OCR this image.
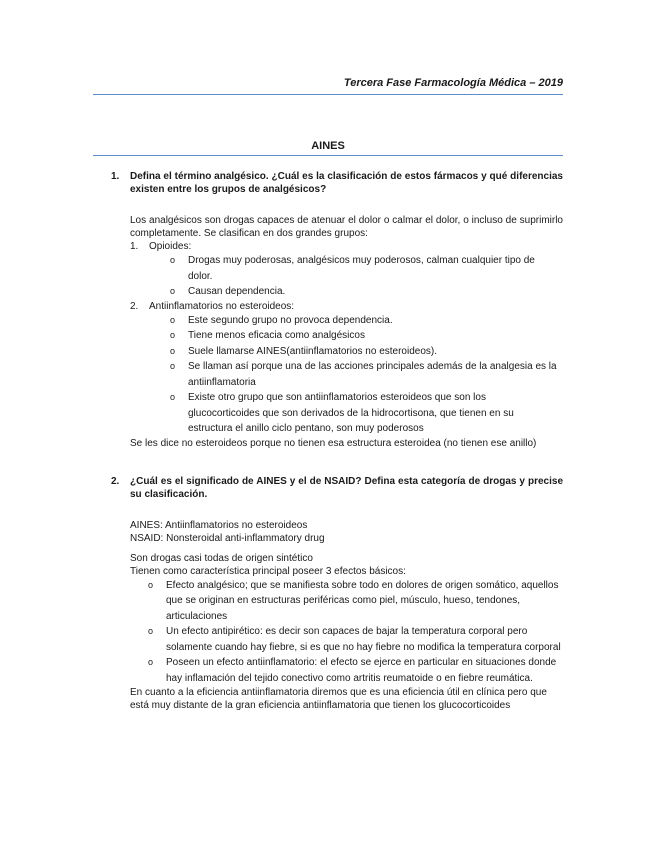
Tercera Fase Farmacología Médica – 2019
AINES
1.	Defina el término analgésico. ¿Cuál es la clasificación de estos fármacos y qué diferencias existen entre los grupos de analgésicos?
Los analgésicos son drogas capaces de atenuar el dolor o calmar el dolor, o incluso de suprimirlo completamente. Se clasifican en dos grandes grupos:
1.	Opioides:
o	Drogas muy poderosas, analgésicos muy poderosos, calman cualquier tipo de dolor.
o	Causan dependencia.
2.	Antiinflamatorios no esteroideos:
o	Este segundo grupo no provoca dependencia.
o	Tiene menos eficacia como analgésicos
o	Suele llamarse AINES(antiinflamatorios no esteroideos).
o	Se llaman así porque una de las acciones principales además de la analgesia es la antiinflamatoria
o	Existe otro grupo que son antiinflamatorios esteroideos que son los glucocorticoides que son derivados de la hidrocortisona, que tienen en su estructura el anillo ciclo pentano, son muy poderosos
Se les dice no esteroideos porque no tienen esa estructura esteroidea (no tienen ese anillo)
2.	¿Cuál es el significado de AINES y el de NSAID? Defina esta categoría de drogas y precise su clasificación.
AINES: Antiinflamatorios no esteroideos
NSAID: Nonsteroidal anti-inflammatory drug
Son drogas casi todas de origen sintético
Tienen como característica principal poseer 3 efectos básicos:
o	Efecto analgésico; que se manifiesta sobre todo en dolores de origen somático, aquellos que se originan en estructuras periféricas como piel, músculo, hueso, tendones, articulaciones
o	Un efecto antipirético: es decir son capaces de bajar la temperatura corporal pero solamente cuando hay fiebre, si es que no hay fiebre no modifica la temperatura corporal
o	Poseen un efecto antiinflamatorio: el efecto se ejerce en particular en situaciones donde hay inflamación del tejido conectivo como artritis reumatoide o en fiebre reumática.
En cuanto a la eficiencia antiinflamatoria diremos que es una eficiencia útil en clínica pero que está muy distante de la gran eficiencia antiinflamatoria que tienen los glucocorticoides
